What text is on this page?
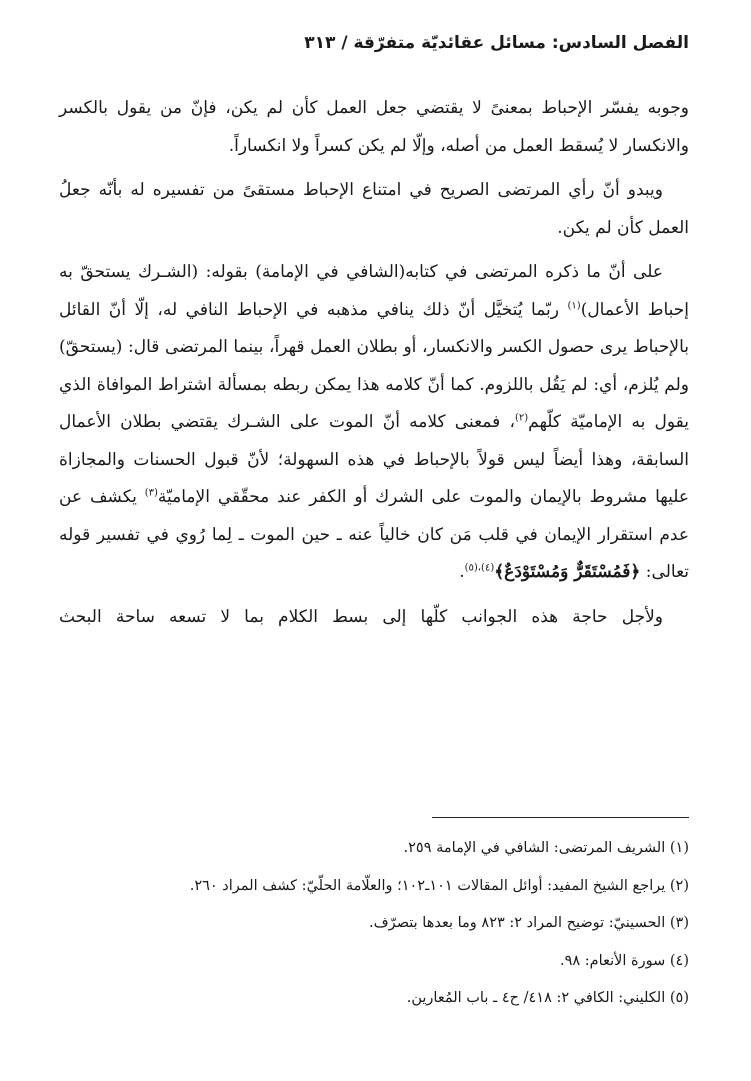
الفصل السادس: مسائل عقائديّة متفرّقة / ٣١٣

وجوبه يفسّر الإحباط بمعنىً لا يقتضي جعل العمل كأن لم يكن، فإنّ من يقول بالكسر والانكسار لا يُسقط العمل من أصله، وإلّا لم يكن كسراً ولا انكساراً.

ويبدو أنّ رأي المرتضى الصريح في امتناع الإحباط مستقىً من تفسيره له بأنّه جعلُ العمل كأن لم يكن.

على أنّ ما ذكره المرتضى في كتابه(الشافي في الإمامة) بقوله: (الشـرك يستحقّ به إحباط الأعمال)$^{(١)}$ ربّما يُتخيَّل أنّ ذلك ينافي مذهبه في الإحباط النافي له، إلّا أنّ القائل بالإحباط يرى حصول الكسر والانكسار، أو بطلان العمل قهراً، بينما المرتضى قال: (يستحقّ) ولم يُلزم، أي: لم يَقُل باللزوم. كما أنّ كلامه هذا يمكن ربطه بمسألة اشتراط الموافاة الذي يقول به الإماميّة كلّهم$^{(٢)}$، فمعنى كلامه أنّ الموت على الشـرك يقتضي بطلان الأعمال السابقة، وهذا أيضاً ليس قولاً بالإحباط في هذه السهولة؛ لأنّ قبول الحسنات والمجازاة عليها مشروط بالإيمان والموت على الشرك أو الكفر عند محقّقي الإماميّة$^{(٣)}$ يكشف عن عدم استقرار الإيمان في قلب مَن كان خالياً عنه ـ حين الموت ـ لِما رُوي في تفسير قوله تعالى: ﴿فَمُسْتَقَرٌّ وَمُسْتَوْدَعٌ﴾$^{(٤)،(٥)}$.

ولأجل حاجة هذه الجوانب كلّها إلى بسط الكلام بما لا تسعه ساحة البحث

(١) الشريف المرتضى: الشافي في الإمامة ٢٥٩.
(٢) يراجع الشيخ المفيد: أوائل المقالات ١٠١ـ١٠٢؛ والعلّامة الحلّيّ: كشف المراد ٢٦٠.
(٣) الحسينيّ: توضيح المراد ٢: ٨٢٣ وما بعدها بتصرّف.
(٤) سورة الأنعام: ٩٨.
(٥) الكليني: الكافي ٢: ٤١٨/ ح٤ ـ باب المُعارين.
